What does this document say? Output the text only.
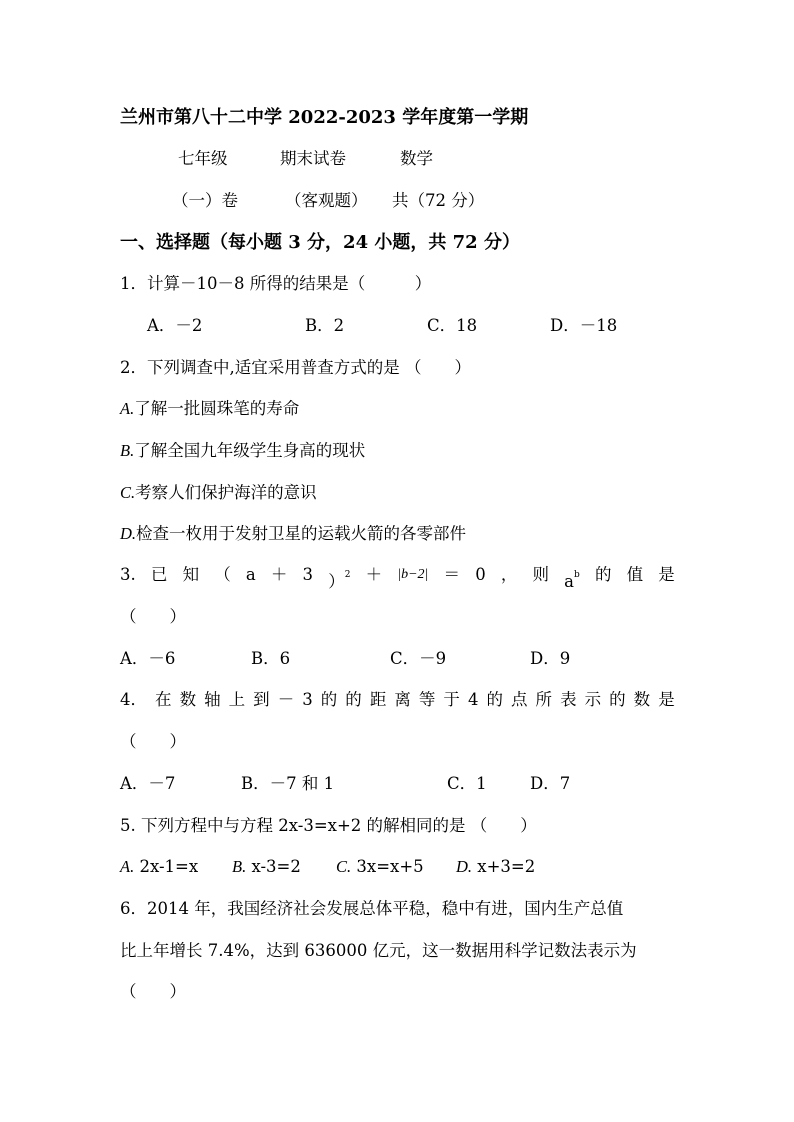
兰州市第八十二中学 2022-2023 学年度第一学期
七年级	期末试卷	数学
（一）卷	（客观题） 共（72 分）
一、选择题（每小题 3 分，24 小题，共 72 分）
1．计算－10－8 所得的结果是（　　　）
A．－2	B．2	C．18	D．－18
2．下列调查中,适宜采用普查方式的是 （　　）
A.了解一批圆珠笔的寿命
B.了解全国九年级学生身高的现状
C.考察人们保护海洋的意识
D.检查一枚用于发射卫星的运载火箭的各零部件
3. 已 知 （ a ＋ 3 ）$^2$ ＋ |b−2| ＝ 0 ， 则 $a^b$ 的 值 是
（　　）
A．－6	B．6	C．－9	D．9
4． 在 数 轴 上 到 － 3 的 的 距 离 等 于 4 的 点 所 表 示 的 数 是
（　　）
A．－7	B．－7 和 1	C．1	D．7
5. 下列方程中与方程 2x-3=x+2 的解相同的是 （　　）
A. 2x-1=x B. x-3=2 C. 3x=x+5 D. x+3=2
6．2014 年，我国经济社会发展总体平稳，稳中有进，国内生产总值
比上年增长 7.4%，达到 636000 亿元，这一数据用科学记数法表示为
（　　）
